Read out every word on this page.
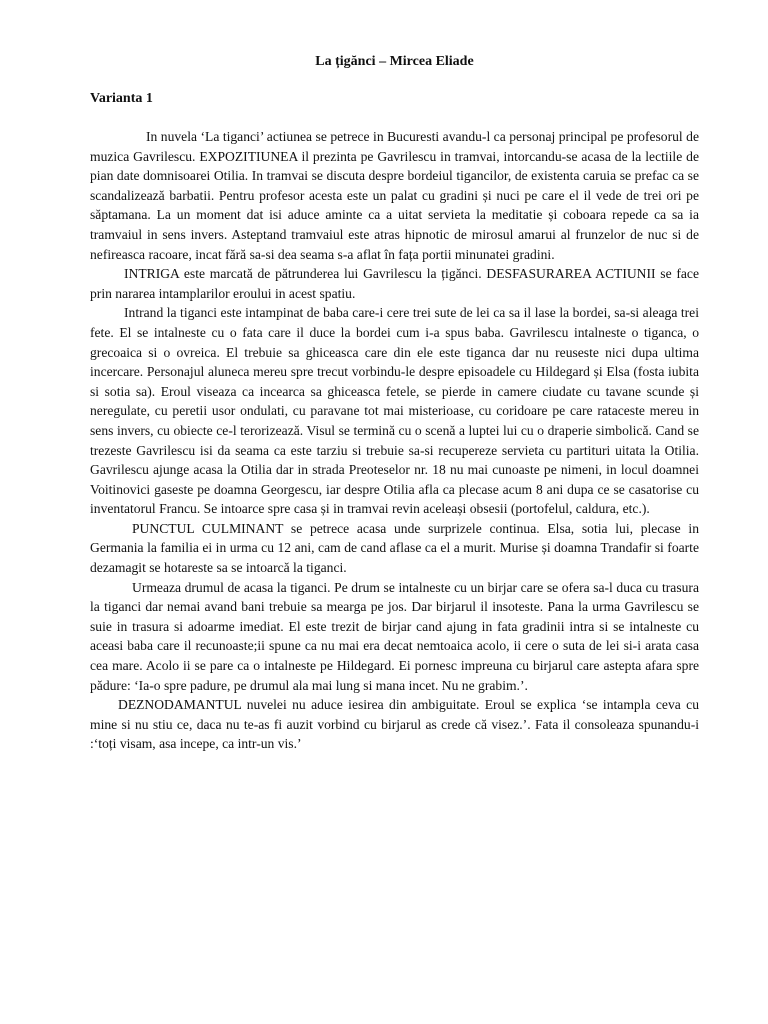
La țigănci – Mircea Eliade
Varianta 1

In nuvela ‘La tiganci’ actiunea se petrece in Bucuresti avandu-l ca personaj principal pe profesorul de muzica Gavrilescu. EXPOZITIUNEA il prezinta pe Gavrilescu in tramvai, intorcandu-se acasa de la lectiile de pian date domnisoarei Otilia. In tramvai se discuta despre bordeiul tigancilor, de existenta caruia se prefac ca se scandalizează barbatii. Pentru profesor acesta este un palat cu gradini și nuci pe care el il vede de trei ori pe săptamana. La un moment dat isi aduce aminte ca a uitat servieta la meditatie și coboara repede ca sa ia tramvaiul in sens invers. Asteptand tramvaiul este atras hipnotic de mirosul amarui al frunzelor de nuc si de nefireasca racoare, incat fără sa-si dea seama s-a aflat în fața portii minunatei gradini.

INTRIGA este marcată de pătrunderea lui Gavrilescu la țigănci. DESFASURAREA ACTIUNII se face prin nararea intamplarilor eroului in acest spatiu.

Intrand la tiganci este intampinat de baba care-i cere trei sute de lei ca sa il lase la bordei, sa-si aleaga trei fete. El se intalneste cu o fata care il duce la bordei cum i-a spus baba. Gavrilescu intalneste o tiganca, o grecoaica si o ovreica. El trebuie sa ghiceasca care din ele este tiganca dar nu reuseste nici dupa ultima incercare. Personajul aluneca mereu spre trecut vorbindu-le despre episoadele cu Hildegard și Elsa (fosta iubita si sotia sa). Eroul viseaza ca incearca sa ghiceasca fetele, se pierde in camere ciudate cu tavane scunde și neregulate, cu peretii usor ondulati, cu paravane tot mai misterioase, cu coridoare pe care rataceste mereu in sens invers, cu obiecte ce-l terorizează. Visul se termină cu o scenă a luptei lui cu o draperie simbolică. Cand se trezeste Gavrilescu isi da seama ca este tarziu si trebuie sa-si recupereze servieta cu partituri uitata la Otilia. Gavrilescu ajunge acasa la Otilia dar in strada Preoteselor nr. 18 nu mai cunoaste pe nimeni, in locul doamnei Voitinovici gaseste pe doamna Georgescu, iar despre Otilia afla ca plecase acum 8 ani dupa ce se casatorise cu inventatorul Francu. Se intoarce spre casa și in tramvai revin aceleași obsesii (portofelul, caldura, etc.).

PUNCTUL CULMINANT se petrece acasa unde surprizele continua. Elsa, sotia lui, plecase in Germania la familia ei in urma cu 12 ani, cam de cand aflase ca el a murit. Murise și doamna Trandafir si foarte dezamagit se hotareste sa se intoarcă la tiganci.

Urmeaza drumul de acasa la tiganci. Pe drum se intalneste cu un birjar care se ofera sa-l duca cu trasura la tiganci dar nemai avand bani trebuie sa mearga pe jos. Dar birjarul il insoteste. Pana la urma Gavrilescu se suie in trasura si adoarme imediat. El este trezit de birjar cand ajung in fata gradinii intra si se intalneste cu aceasi baba care il recunoaste;ii spune ca nu mai era decat nemtoaica acolo, ii cere o suta de lei si-i arata casa cea mare. Acolo ii se pare ca o intalneste pe Hildegard. Ei pornesc impreuna cu birjarul care astepta afara spre pădure: ‘Ia-o spre padure, pe drumul ala mai lung si mana incet. Nu ne grabim.’.

DEZNODAMANTUL nuvelei nu aduce iesirea din ambiguitate. Eroul se explica ‘se intampla ceva cu mine si nu stiu ce, daca nu te-as fi auzit vorbind cu birjarul as crede că visez.’. Fata il consoleaza spunandu-i :‘toți visam, asa incepe, ca intr-un vis.’
